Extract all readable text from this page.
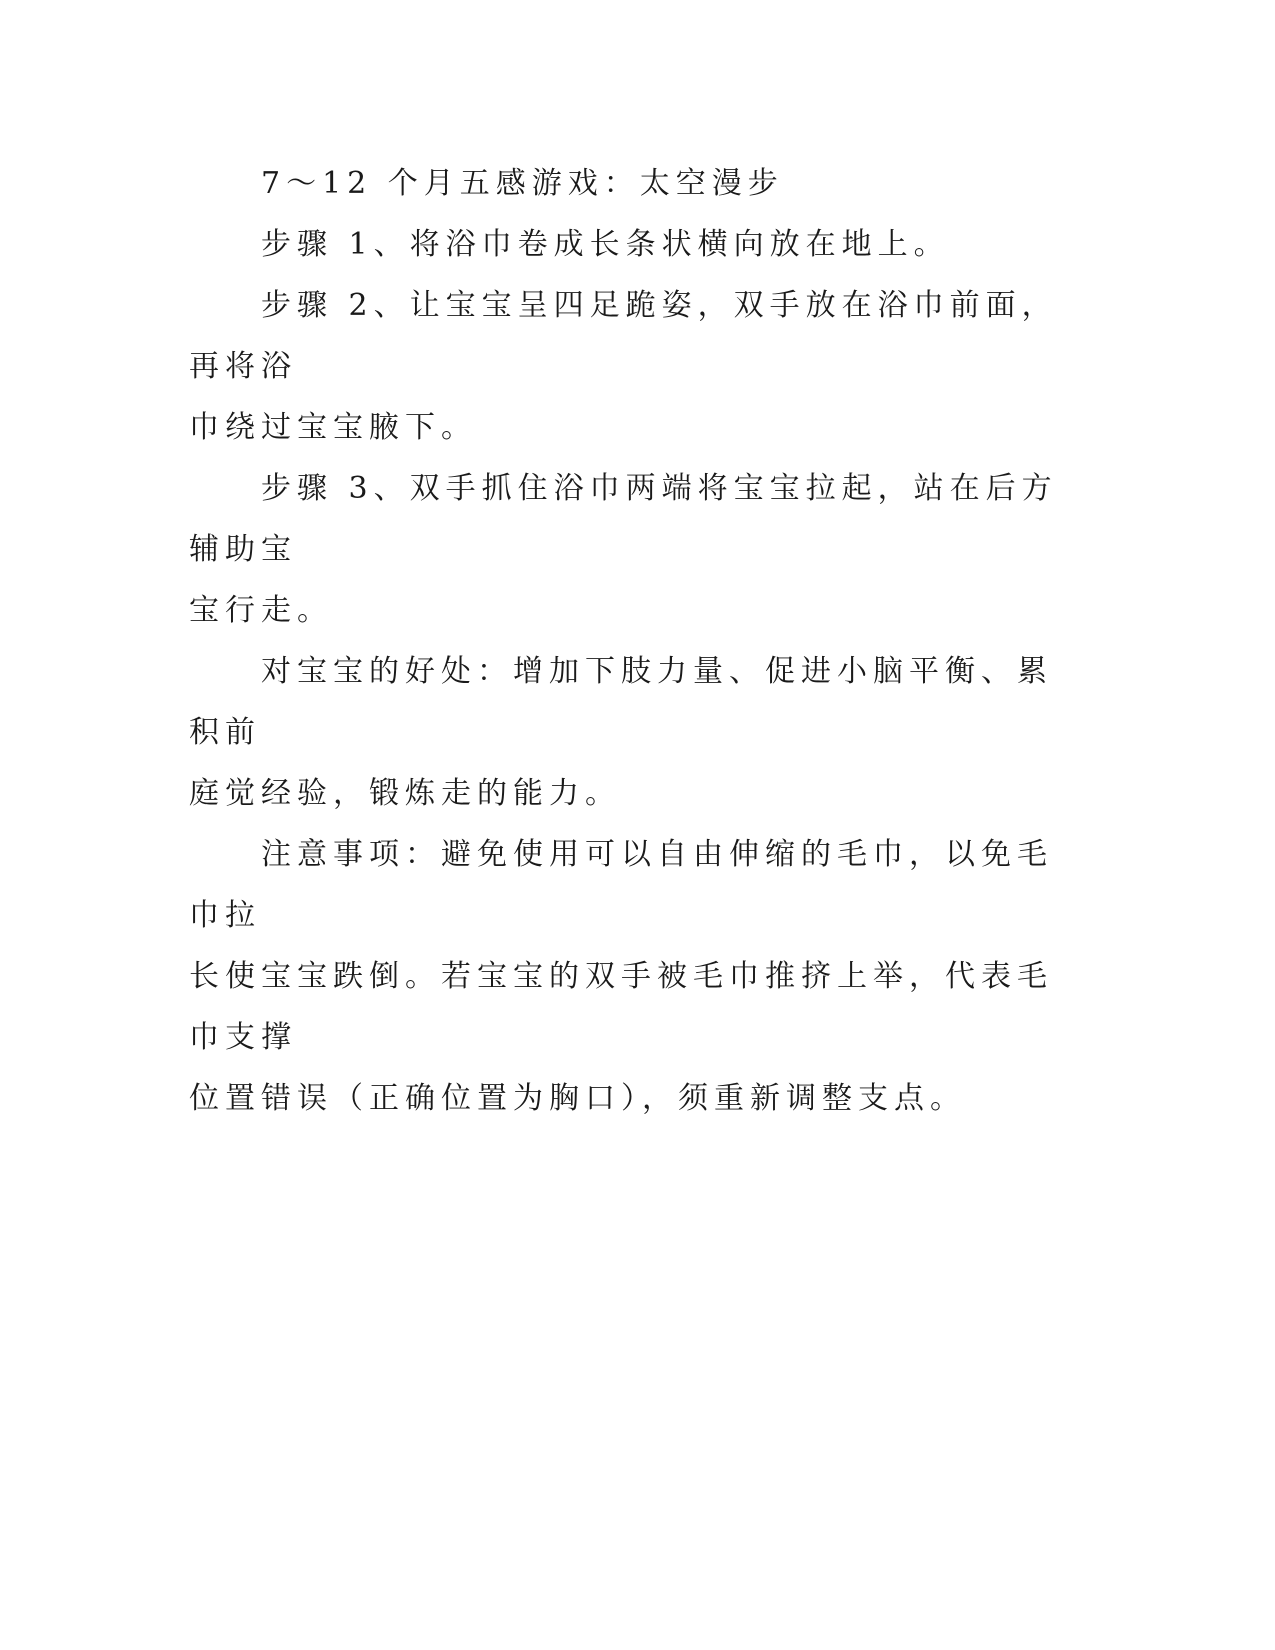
7～12 个月五感游戏：太空漫步

步骤 1、将浴巾卷成长条状横向放在地上。

步骤 2、让宝宝呈四足跪姿，双手放在浴巾前面，再将浴
巾绕过宝宝腋下。

步骤 3、双手抓住浴巾两端将宝宝拉起，站在后方辅助宝
宝行走。

对宝宝的好处：增加下肢力量、促进小脑平衡、累积前
庭觉经验，锻炼走的能力。

注意事项：避免使用可以自由伸缩的毛巾，以免毛巾拉
长使宝宝跌倒。若宝宝的双手被毛巾推挤上举，代表毛巾支撑
位置错误（正确位置为胸口），须重新调整支点。
